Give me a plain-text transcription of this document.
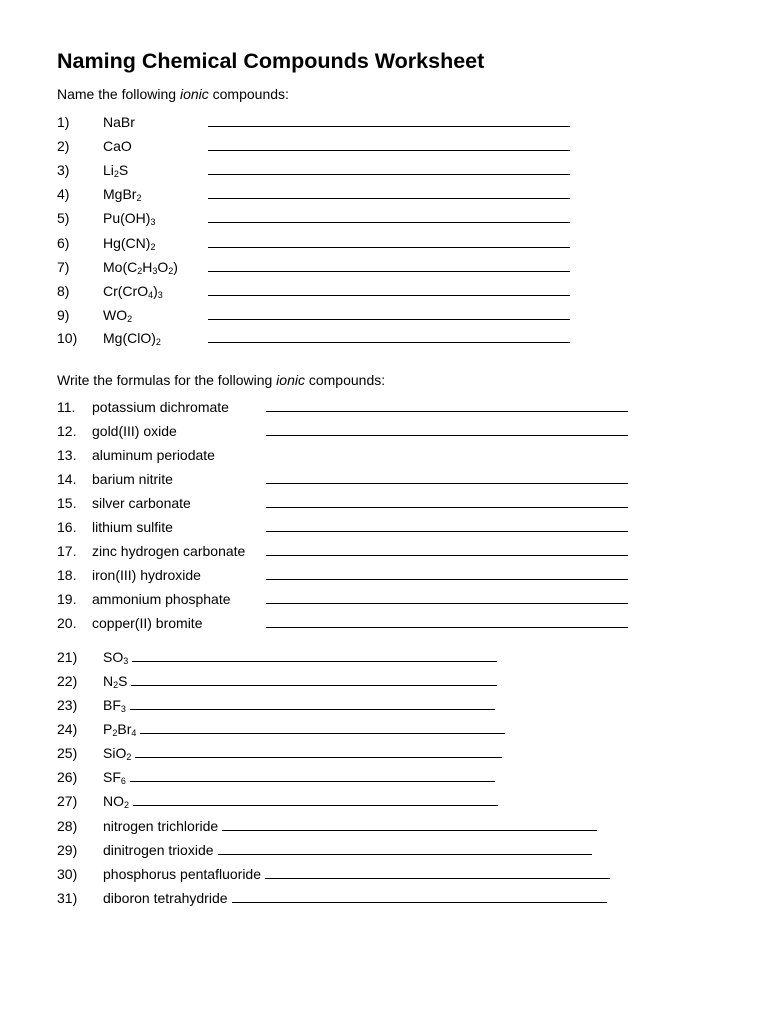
Naming Chemical Compounds Worksheet

Name the following ionic compounds:

1) NaBr
2) CaO
3) $Li_2S$
4) MgBr$_2$
5) $Pu(OH)_3$
6) $Hg(CN)_2$
7) $Mo(C_2H_3O_2)$
8) $Cr(CrO_4)_3$
9) $WO_2$
10) $Mg(ClO)_2$

Write the formulas for the following ionic compounds:

11. potassium dichromate
12. gold(III) oxide
13. aluminum periodate
14. barium nitrite
15. silver carbonate
16. lithium sulfite
17. zinc hydrogen carbonate
18. iron(III) hydroxide
19. ammonium phosphate
20. copper(II) bromite
21) $SO_3$
22) $N_2S$
23) $BF_3$
24) $P_2Br_4$
25) SiO$_2$
26) $SF_6$
27) $NO_2$
28) nitrogen trichloride
29) dinitrogen trioxide
30) phosphorus pentafluoride
31) diboron tetrahydride
